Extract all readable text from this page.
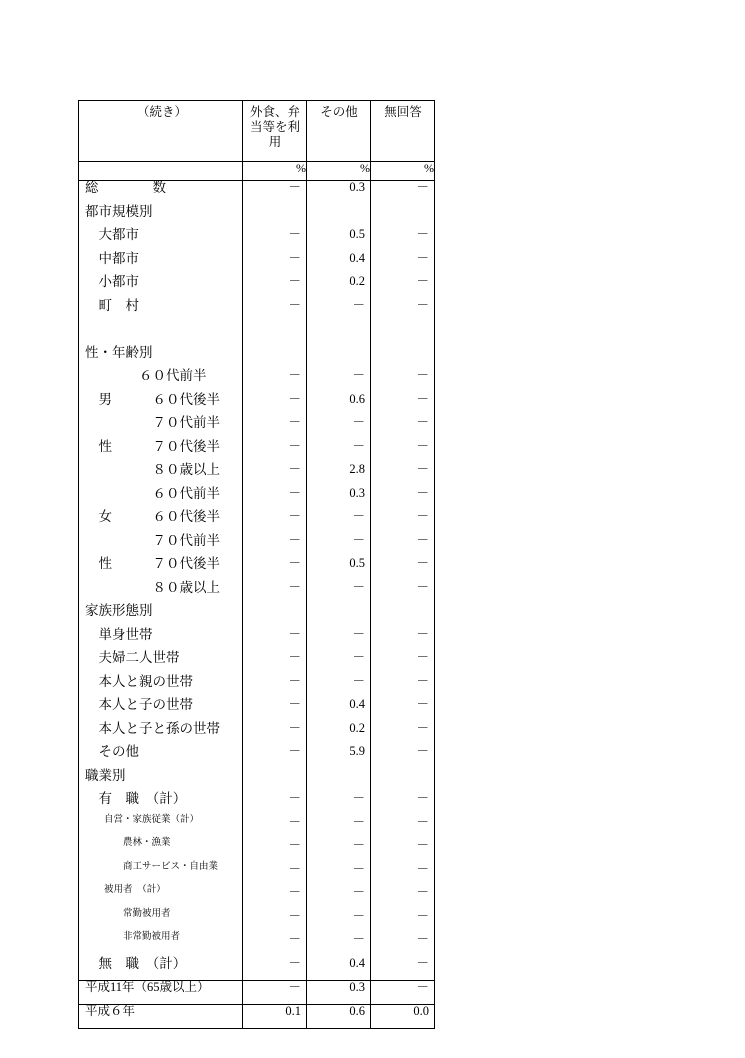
（続き）	外食、弁当等を利用	その他	無回答

	%	%	%
総　　　　数	－	0.3	－
都市規模別			
　大都市	－	0.5	－
　中都市	－	0.4	－
　小都市	－	0.2	－
　町　村	－	－	－

性・年齢別			
　　　　６０代前半	－	－	－
　男　　　６０代後半	－	0.6	－
　　　　　７０代前半	－	－	－
　性　　　７０代後半	－	－	－
　　　　　８０歳以上	－	2.8	－
　　　　　６０代前半	－	0.3	－
　女　　　６０代後半	－	－	－
　　　　　７０代前半	－	－	－
　性　　　７０代後半	－	0.5	－
　　　　　８０歳以上	－	－	－
家族形態別			
　単身世帯	－	－	－
　夫婦二人世帯	－	－	－
　本人と親の世帯	－	－	－
　本人と子の世帯	－	0.4	－
　本人と子と孫の世帯	－	0.2	－
　その他	－	5.9	－
職業別			
　有　職　（計）	－	－	－
　　自営・家族従業（計）	－	－	－
　　　　農林・漁業	－	－	－
　　　　商工サービス・自由業	－	－	－
　　被用者　（計）	－	－	－
　　　　常勤被用者	－	－	－
　　　　非常勤被用者	－	－	－
　無　職　（計）	－	0.4	－
平成11年（65歳以上）	－	0.3	－
平成６年	0.1	0.6	0.0
